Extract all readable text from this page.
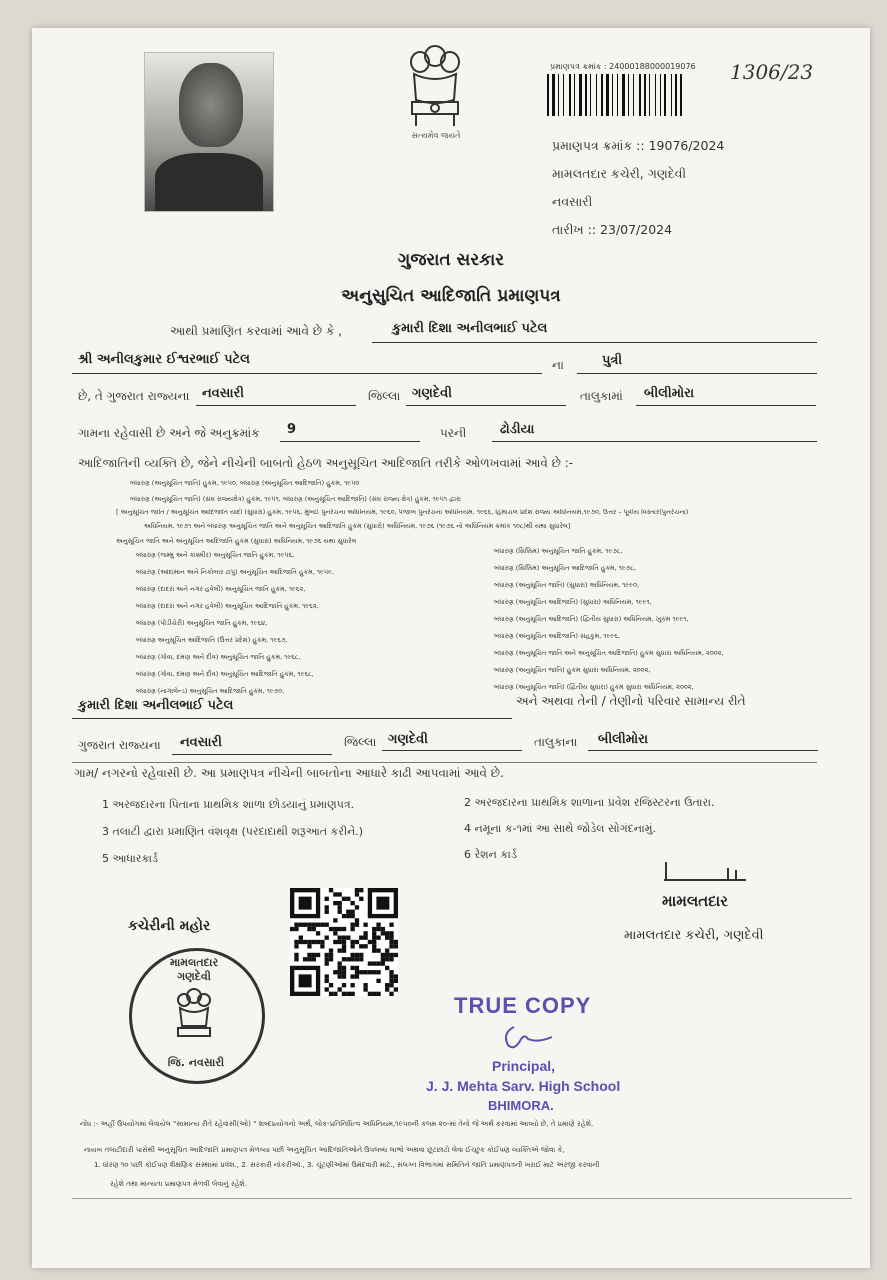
સત્યમેવ જયતે
પ્રમાણપત્ર ક્રમાંક : 24000188000019076 1306/23
પ્રમાણપત્ર ક્રમાંક :: 19076/2024
મામલતદાર કચેરી, ગણદેવી
નવસારી
તારીખ :: 23/07/2024
ગુજરાત સરકાર
અનુસુચિત આદિજાતિ પ્રમાણપત્ર
આથી પ્રમાણિત કરવામાં આવે છે કે ,	કુમારી દિશા અનીલભાઈ પટેલ
શ્રી અનીલકુમાર ઈશ્વરભાઈ પટેલ	ના	પુત્રી
છે, તે ગુજરાત રાજ્યના નવસારી	જિલ્લા ગણદેવી	તાલુકામાં બીલીમોરા
ગામના રહેવાસી છે અને જે અનુક્રમાંક 9	પરની	ઢોડીયા
આદિજાતિની વ્યક્તિ છે, જેને નીચેની બાબતો હેઠળ અનુસૂચિત આદિજાતિ તરીકે ઓળખવામાં આવે છે :-
બંધારણ (અનુસૂચિત જાતિ) હુકમ, ૧૯૫૦, બંધારણ (અનુસૂચિત આદિજાતિ) હુકમ, ૧૯૫૦
બંધારણ (અનુસૂચિત જાતિ) (સંઘ રાજ્યક્ષેત્ર) હુકમ, ૧૯૫૧, બંધારણ (અનુસૂચિત આદિજાતિ) (સંઘ રાજ્ય ક્ષેત્ર) હુકમ, ૧૯૫૧ દ્વારા
[ અનુસૂચિત જાતિ / અનુસૂચિત આદિજાતિ યાદી (સુધારા) હુકમ, ૧૯૫૬, મુંબઈ પુનર્રચના અધિનિયમ, ૧૯૬૦, પંજાબ પુનર્રચના અધિનિયમ, ૧૯૬૬, હિમાચલ પ્રદેશ રાજ્ય અધિનિયમ,૧૯૭૦, ઉત્તર – પૂર્વીય વિસ્તાર(પુનર્રચના)
અધિનિયમ, ૧૯૭૧ અને બંધારણ અનુસૂચિત જાતિ અને અનુસૂચિત આદિજાતિ હુકમ (સુધારો) અધિનિયમ, ૧૯૭૬ (૧૯૭૬ નો અધિનિયમ ક્રમાંક ૧૦૮)થી યથા સુધારેલ]
અનુસૂચિત જાતિ અને અનુસૂચિત આદિજાતિ હુકમ (સુધારા) અધિનિયમ, ૧૯૭૬ યથા સુધારેલ
બંધારણ (જમ્મુ અને કાશ્મીર) અનુસૂચિત જાતિ હુકમ, ૧૯૫૬,
બંધારણ (આંદામાન અને નિકોબાર ટાપુ) અનુસૂચિત આદિજાતિ હુકમ, ૧૯૫૯,
બંધારણ (દાદરા અને નગર હવેલી) અનુસૂચિત જાતિ હુકમ, ૧૯૬૨,
બંધારણ (દાદરા અને નગર હવેલી) અનુસૂચિત આદિજાતિ હુકમ, ૧૯૬૨,
બંધારણ (પોંડીચેરી) અનુસૂચિત જાતિ હુકમ, ૧૯૬૪,
બંધારણ અનુસૂચિત આદિજાતિ (ઉત્તર પ્રદેશ) હુકમ, ૧૯૬૭,
બંધારણ (ગોવા, દમણ અને દીવ) અનુસૂચિત જાતિ હુકમ, ૧૯૬૮,
બંધારણ (ગોવા, દમણ અને દીવ) અનુસૂચિત આદિજાતિ હુકમ, ૧૯૬૮,
બંધારણ (નાગાલેન્ડ) અનુસૂચિત આદિજાતિ હુકમ, ૧૯૭૦,
બંધારણ (સિક્કિમ) અનુસૂચિત જાતિ હુકમ, ૧૯૭૮,
બંધારણ (સિક્કિમ) અનુસૂચિત આદિજાતિ હુકમ, ૧૯૭૮,
બંધારણ (અનુસૂચિત જાતિ) (સુધારા) અધિનિયમ, ૧૯૯૦,
બંધારણ (અનુસૂચિત આદિજાતિ) (સુધારા) અધિનિયમ, ૧૯૯૧,
બંધારણ (અનુસૂચિત આદિજાતિ) (દ્વિતીય સુધારા) અધિનિયમ, ખુકમ ૧૯૯૧,
બંધારણ (અનુસૂચિત આદિજાતિ) સંહકુમ, ૧૯૯૬,
બંધારણ (અનુસૂચિત જાતિ અને અનુસૂચિત આદિજાતિ) હુકમ સુધારા અધિનિયમ, ૨૦૦૨,
બંધારણ (અનુસૂચિત જાતિ) હુકમ સુધારા અધિનિયમ, ૨૦૦૨,
બંધારણ (અનુસૂચિત જાતિ) (દ્વિતીય સુધારા) હુકમ સુધારા અધિનિયમ, ૨૦૦૨,
કુમારી દિશા અનીલભાઈ પટેલ	અને અથવા તેની / તેણીનો પરિવાર સામાન્ય રીતે
ગુજરાત રાજ્યના નવસારી	જિલ્લા ગણદેવી	તાલુકાના બીલીમોરા
ગામ/ નગરનો રહેવાસી છે. આ પ્રમાણપત્ર નીચેની બાબતોના આધારે કાઢી આપવામાં આવે છે.
1 અરજદારના પિતાના પ્રાથમિક શાળા છોડયાનું પ્રમાણપત્ર.	2 અરજદારના પ્રાથમિક શાળાના પ્રવેશ રજિસ્ટરના ઉતારા.
3 તલાટી દ્વારા પ્રમાણિત વંશવૃક્ષ (પરદાદાથી શરૂઆત કરીને.)	4 નમૂના ક-૧માં આ સાથે જોડેલ સોગંદનામું.
5 આધારકાર્ડ	6 રેશન કાર્ડ
મામલતદાર
મામલતદાર કચેરી, ગણદેવી
કચેરીની મહોર
મામલતદાર ગણદેવી
જિ. નવસારી
TRUE COPY
Principal,
J. J. Mehta Sarv. High School
BHIMORA.
નોંધ :- અહીં ઉપયોગમાં લેવાયેલ "સામાન્ય રીતે રહેવાસી(ઓ) " શબ્દપ્રયોગનો અર્થ, લોક-પ્રતિનિધિત્વ અધિનિયમ,૧૯૫૦ની કલમ ૨૦-માં તેનો જે અર્થ કરવામાં આવ્યો છે, તે પ્રમાણે રહેશે.
નાયબ તલાટીદારી પાસેથી અનુસૂચિત આદિજાતિ પ્રમાણપત્ર મેળવ્યા પછી અનુસૂચિત આદિજાતિઓને ઉપલબ્ધ લાભો અથવા છૂટછાટો લેવા ઈચ્છુક કોઈપણ વ્યક્તિએ જોવા કે,
1. ધોરણ ૧૦ પછી કોઈપણ શૈક્ષણિક સંસ્થામાં પ્રવેશ., 2. સરકારી નોકરીઓ., 3. ચૂંટણીઓમાં ઉમેદવારી માટે., સંલગ્ન વિભાગમાં સમિતિને જાતિ પ્રમાણપત્રની ખરાઈ માટે અરજી કરવાની
રહેશે તથા માન્યતા પ્રમાણપત્ર મેળવી લેવાનું રહેશે.
